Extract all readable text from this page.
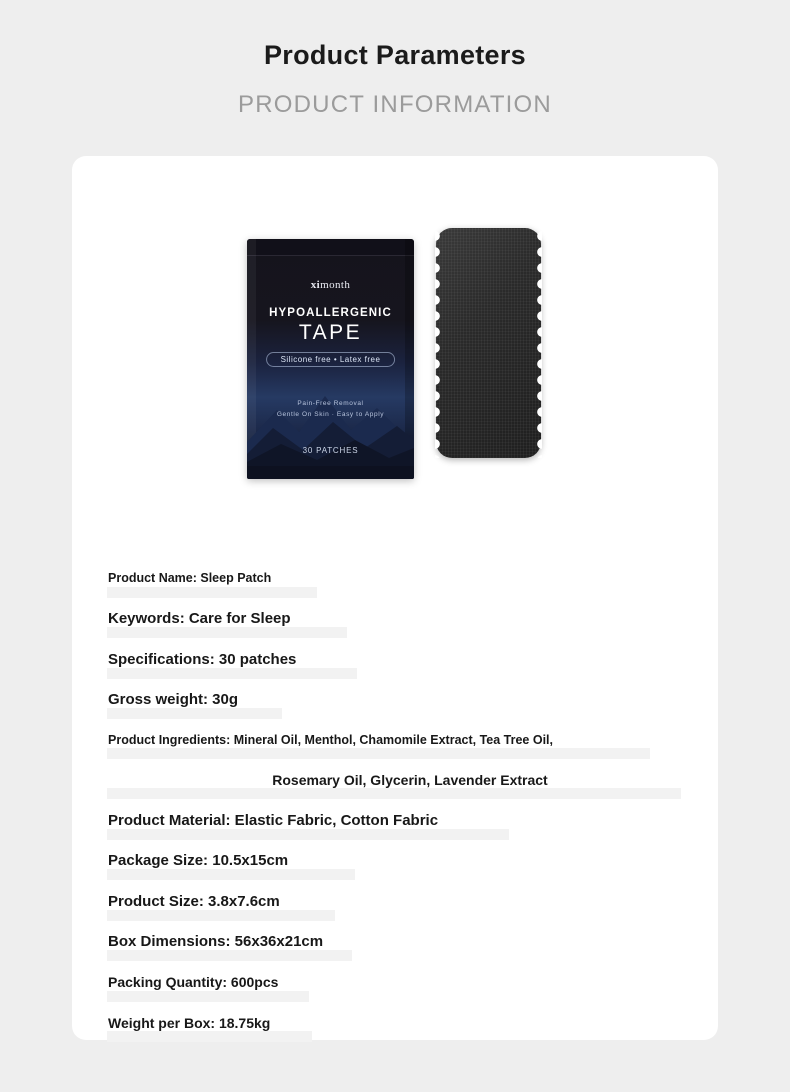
Product Parameters
PRODUCT INFORMATION
ximonth
HYPOALLERGENIC
TAPE
Silicone free • Latex free
Pain-Free Removal
Gentle On Skin · Easy to Apply
30 PATCHES
Product Name: Sleep Patch
Keywords: Care for Sleep
Specifications: 30 patches
Gross weight: 30g
Product Ingredients: Mineral Oil, Menthol, Chamomile Extract, Tea Tree Oil,
Rosemary Oil, Glycerin, Lavender Extract
Product Material: Elastic Fabric, Cotton Fabric
Package Size: 10.5x15cm
Product Size: 3.8x7.6cm
Box Dimensions: 56x36x21cm
Packing Quantity: 600pcs
Weight per Box: 18.75kg
